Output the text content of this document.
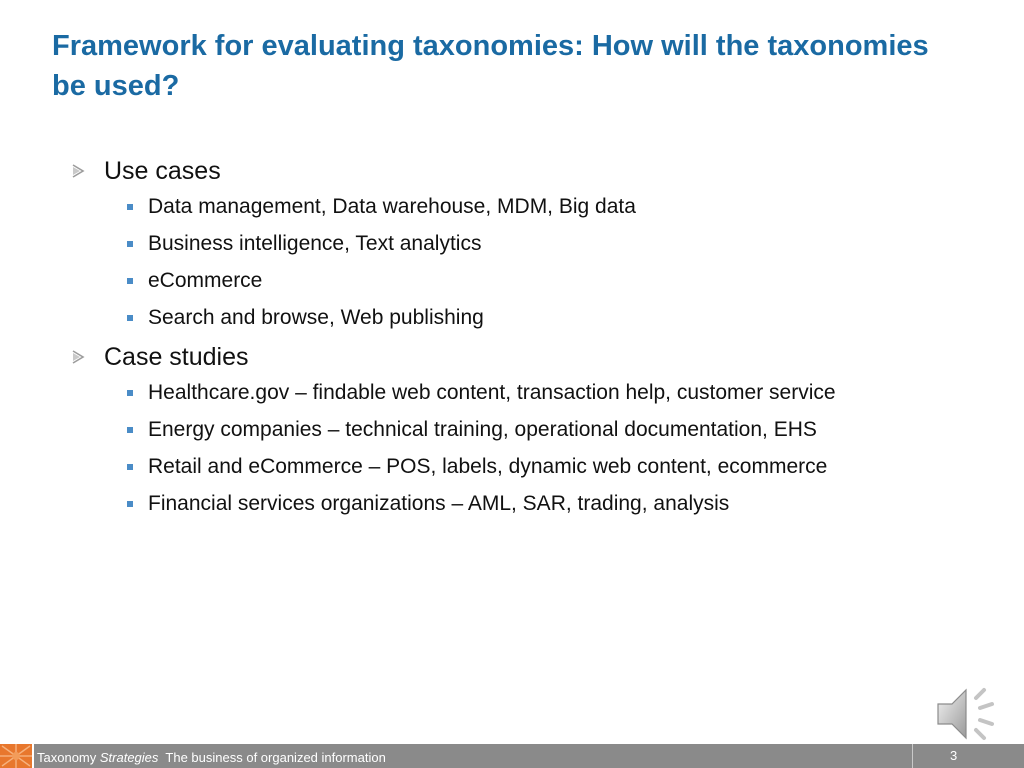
Framework for evaluating taxonomies: How will the taxonomies be used?
Use cases
Data management, Data warehouse, MDM, Big data
Business intelligence, Text analytics
eCommerce
Search and browse, Web publishing
Case studies
Healthcare.gov – findable web content, transaction help, customer service
Energy companies – technical training, operational documentation, EHS
Retail and eCommerce – POS, labels, dynamic web content, ecommerce
Financial services organizations – AML, SAR, trading, analysis
Taxonomy Strategies The business of organized information	3
